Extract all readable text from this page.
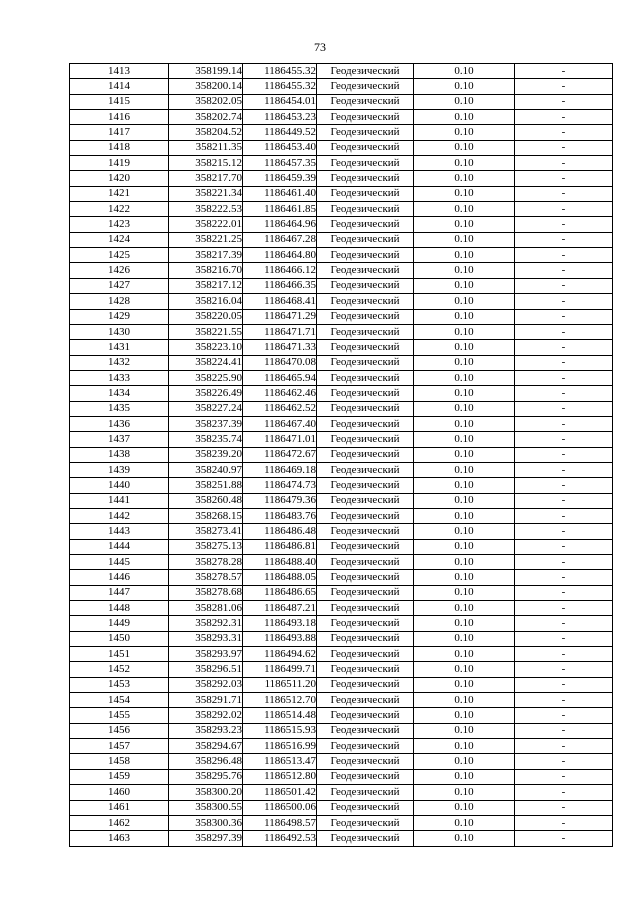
73
1413	358199.14	1186455.32	Геодезический	0.10	-
1414	358200.14	1186455.32	Геодезический	0.10	-
1415	358202.05	1186454.01	Геодезический	0.10	-
1416	358202.74	1186453.23	Геодезический	0.10	-
1417	358204.52	1186449.52	Геодезический	0.10	-
1418	358211.35	1186453.40	Геодезический	0.10	-
1419	358215.12	1186457.35	Геодезический	0.10	-
1420	358217.70	1186459.39	Геодезический	0.10	-
1421	358221.34	1186461.40	Геодезический	0.10	-
1422	358222.53	1186461.85	Геодезический	0.10	-
1423	358222.01	1186464.96	Геодезический	0.10	-
1424	358221.25	1186467.28	Геодезический	0.10	-
1425	358217.39	1186464.80	Геодезический	0.10	-
1426	358216.70	1186466.12	Геодезический	0.10	-
1427	358217.12	1186466.35	Геодезический	0.10	-
1428	358216.04	1186468.41	Геодезический	0.10	-
1429	358220.05	1186471.29	Геодезический	0.10	-
1430	358221.55	1186471.71	Геодезический	0.10	-
1431	358223.10	1186471.33	Геодезический	0.10	-
1432	358224.41	1186470.08	Геодезический	0.10	-
1433	358225.90	1186465.94	Геодезический	0.10	-
1434	358226.49	1186462.46	Геодезический	0.10	-
1435	358227.24	1186462.52	Геодезический	0.10	-
1436	358237.39	1186467.40	Геодезический	0.10	-
1437	358235.74	1186471.01	Геодезический	0.10	-
1438	358239.20	1186472.67	Геодезический	0.10	-
1439	358240.97	1186469.18	Геодезический	0.10	-
1440	358251.88	1186474.73	Геодезический	0.10	-
1441	358260.48	1186479.36	Геодезический	0.10	-
1442	358268.15	1186483.76	Геодезический	0.10	-
1443	358273.41	1186486.48	Геодезический	0.10	-
1444	358275.13	1186486.81	Геодезический	0.10	-
1445	358278.28	1186488.40	Геодезический	0.10	-
1446	358278.57	1186488.05	Геодезический	0.10	-
1447	358278.68	1186486.65	Геодезический	0.10	-
1448	358281.06	1186487.21	Геодезический	0.10	-
1449	358292.31	1186493.18	Геодезический	0.10	-
1450	358293.31	1186493.88	Геодезический	0.10	-
1451	358293.97	1186494.62	Геодезический	0.10	-
1452	358296.51	1186499.71	Геодезический	0.10	-
1453	358292.03	1186511.20	Геодезический	0.10	-
1454	358291.71	1186512.70	Геодезический	0.10	-
1455	358292.02	1186514.48	Геодезический	0.10	-
1456	358293.23	1186515.93	Геодезический	0.10	-
1457	358294.67	1186516.99	Геодезический	0.10	-
1458	358296.48	1186513.47	Геодезический	0.10	-
1459	358295.76	1186512.80	Геодезический	0.10	-
1460	358300.20	1186501.42	Геодезический	0.10	-
1461	358300.55	1186500.06	Геодезический	0.10	-
1462	358300.36	1186498.57	Геодезический	0.10	-
1463	358297.39	1186492.53	Геодезический	0.10	-
